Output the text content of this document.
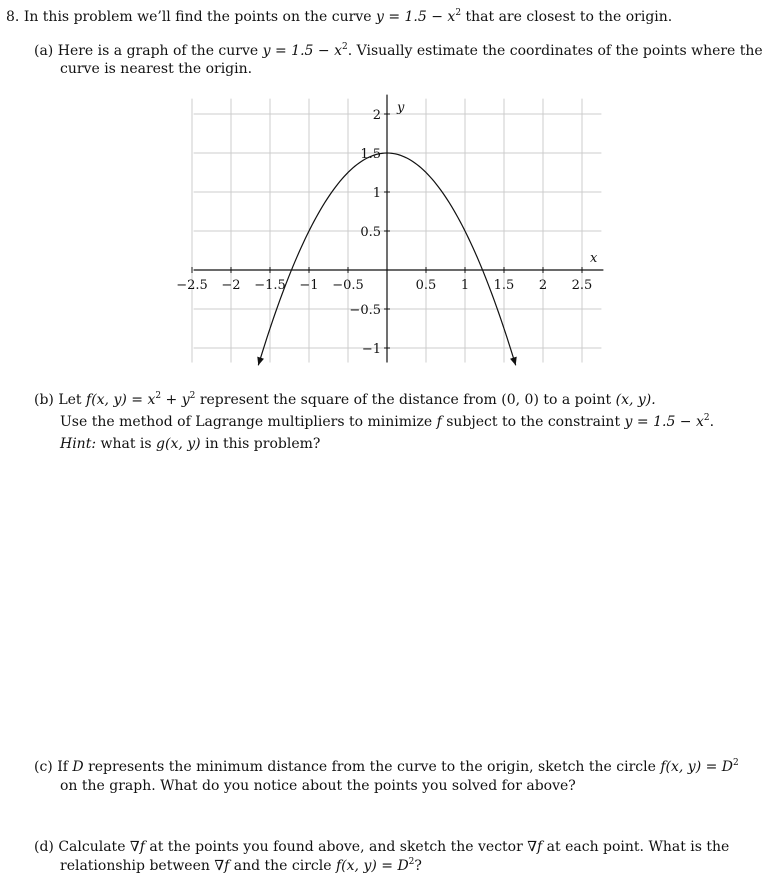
8. In this problem we’ll find the points on the curve $y = 1.5 - x^2$ that are closest to the origin.
(a) Here is a graph of the curve $y = 1.5 - x^2$. Visually estimate the coordinates of the points where the
curve is nearest the origin.
−2.5 −2 −1.5 −1 −0.5	0.5 1 1.5 2 2.5
−1
−0.5
0.5
1
1.5
2
x
y
(b) Let f(x, $y) = x^2 + y^2$ represent the square of the distance from (0, 0) to a point (x, y).
Use the method of Lagrange multipliers to minimize f subject to the constraint $y = 1.5 - x^2$.
Hint: what is g(x, y) in this problem?
(c) If D represents the minimum distance from the curve to the origin, sketch the circle f(x, $y) = D^2$
on the graph. What do you notice about the points you solved for above?
(d) Calculate ∇f at the points you found above, and sketch the vector ∇f at each point. What is the
relationship between ∇f and the circle f(x, $y) = D^2$?
